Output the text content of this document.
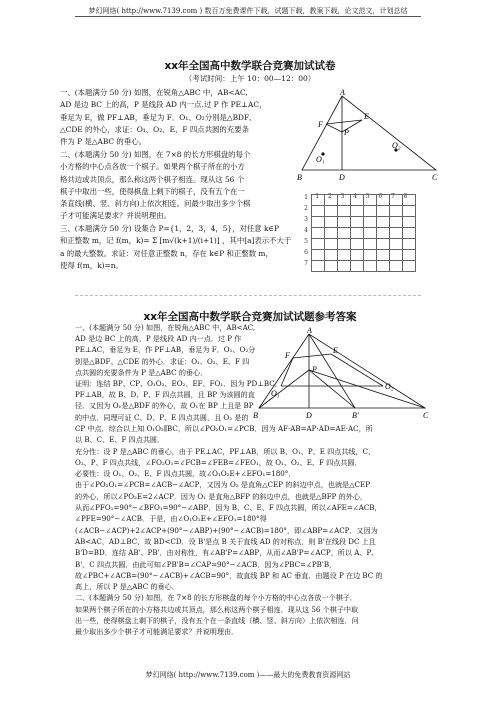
梦幻网络( http://www.7139.com ) 数百万免费课件下载，试题下载，教案下载，论文范文，计划总结
xx年全国高中数学联合竞赛加试试卷
（考试时间：上午 10：00—12：00）
一、(本题满分 50 分) 如图，在锐角△ABC 中，AB<AC,
AD 是边 BC 上的高，P 是线段 AD 内一点.过 P 作 PE⊥AC，
垂足为 E，做 PF⊥AB，垂足为 F．O₁、O₂分别是△BDF、
△CDE 的外心，求证：O₁、O₂、E、F 四点共圆的充要条
件为 P 是△ABC 的垂心。
二、(本题满分 50 分) 如图，在 7×8 的长方形棋盘的每个
小方格的中心点各放一个棋子。如果两个棋子所在的小方
格共边或共顶点，那么称这两个棋子相连。现从这 56 个
棋子中取出一些，使得棋盘上剩下的棋子，没有五个在一
条直线(横、竖、斜方向)上依次相连。问最少取出多少个棋
子才可能满足要求？并说明理由。
三、(本题满分 50 分) 设集合 P={1，2，3，4，5}，对任意 k∈P
和正整数 m，记 f(m，k)= Σ [m√(k+1)/(i+1)] ，其中[a]表示不大于
a 的最大整数。求证：对任意正整数 n，存在 k∈P 和正整数 m，
使得 f(m，k)=n。
A
B	C
D
E
F
P
O₁
O₂
1 2 3 4 5 6 7 8
1
2
3
4
5
6
7

xx年全国高中数学联合竞赛加试试题参考答案
一、(本题满分 50 分) 如图，在锐角△ABC 中，AB<AC,
AD 是边 BC 上的高，P 是线段 AD 内一点．过 P 作
PE⊥AC，垂足为 E，作 PF⊥AB，垂足为 F．O₁、O₂分
别是△BDF、△CDE 的外心．求证：O₁、O₂、E、F 四
点共圆的充要条件为 P 是△ABC 的垂心．
证明：连结 BP、CP、O₁O₂、EO₂、EF、FO₁．因为 PD⊥BC，
PF⊥AB，故 B、D、P、F 四点共圆，且 BP 为该圆的直
径．又因为 O₁是△BDF 的外心，故 O₁在 BP 上且是 BP
的中点．同理可证 C、D、P、E 四点共圆，且 O₂ 是的
A
B	C
D	B'
E
F
P
O₁
O₂
CP 中点．综合以上知 O₁O₂∥BC，所以∠PO₂O₁=∠PCB．因为 AF·AB=AP·AD=AE·AC，所
以 B、C、E、F 四点共圆．
充分性：设 P 是△ABC 的垂心，由于 PE⊥AC，PF⊥AB，所以 B、O₁、P、E 四点共线，C、
O₂、P、F 四点共线，∠FO₂O₁=∠FCB=∠FEB=∠FEO₁，故 O₁、O₂、E、F 四点共圆．
必要性：设 O₁、O₂、E、F 四点共圆，故∠O₁O₂E+∠EFO₁=180°．
由于∠PO₂O₁=∠PCB=∠ACB−∠ACP，又因为 O₂ 是直角△CEP 的斜边中点，也就是△CEP
的外心，所以∠PO₂E=2∠ACP．因为 O₁ 是直角△BFP 的斜边中点，也就是△BFP 的外心，
从而∠PFO₁=90°−∠BFO₁=90°−∠ABP．因为 B、C、E、F 四点共圆，所以∠AFE=∠ACB，
∠PFE=90°−∠ACB．于是，由∠O₁O₂E+∠EFO₁=180°得
(∠ACB−∠ACP)+2∠ACP+(90°−∠ABP)+(90°−∠ACB)=180°，即∠ABP=∠ACP．又因为
AB<AC，AD⊥BC，故 BD<CD．设 B'是点 B 关于直线 AD 的对称点，则 B'在线段 DC 上且
B'D=BD．连结 AB'、PB'．由对称性，有∠AB'P=∠ABP，从而∠AB'P=∠ACP，所以 A、P、
B'、C 四点共圆．由此可知∠PB'B=∠CAP=90°−∠ACB．因为∠PBC=∠PB'B，
故∠PBC+∠ACB=(90°−∠ACB)+∠ACB=90°，故直线 BP 和 AC 垂直．由题设 P 在边 BC 的
高上，所以 P 是△ABC 的垂心．
二、(本题满分 50 分) 如图，在 7×8 的长方形棋盘的每个小方格的中心点各放一个棋子．
如果两个棋子所在的小方格共边或共顶点，那么称这两个棋子相连．现从这 56 个棋子中取
出一些，使得棋盘上剩下的棋子，没有五个在一条直线（横、竖、斜方向）上依次相连．问
最少取出多少个棋子才可能满足要求？并说明理由．
梦幻网络( http://www.7139.com )——最大的免费教育资源网站
